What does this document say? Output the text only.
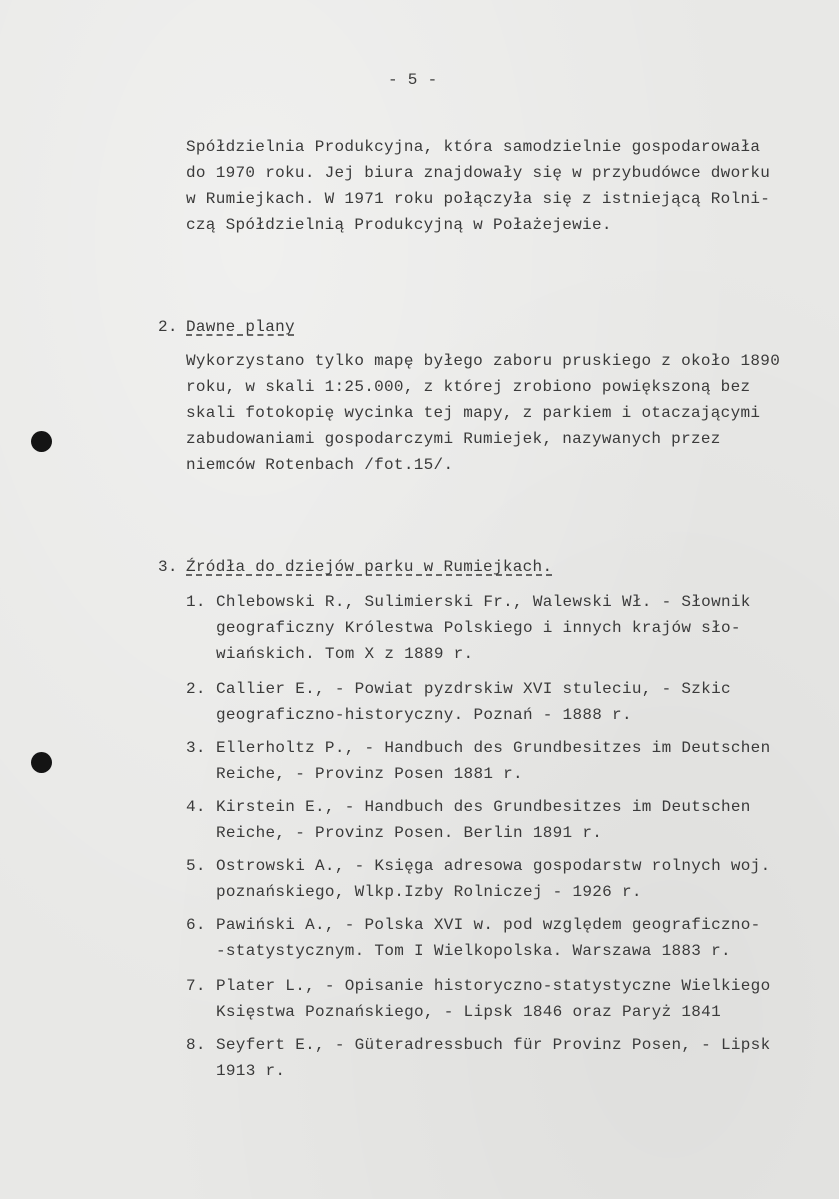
- 5 -
Spółdzielnia Produkcyjna, która samodzielnie gospodarowała
do 1970 roku. Jej biura znajdowały się w przybudówce dworku
w Rumiejkach. W 1971 roku połączyła się z istniejącą Rolni-
czą Spółdzielnią Produkcyjną w Połażejewie.
2. Dawne plany
Wykorzystano tylko mapę byłego zaboru pruskiego z około 1890
roku, w skali 1:25.000, z której zrobiono powiększoną bez
skali fotokopię wycinka tej mapy, z parkiem i otaczającymi
zabudowaniami gospodarczymi Rumiejek, nazywanych przez
niemców Rotenbach /fot.15/.
3. Źródła do dziejów parku w Rumiejkach.
1. Chlebowski R., Sulimierski Fr., Walewski Wł. - Słownik
geograficzny Królestwa Polskiego i innych krajów sło-
wiańskich. Tom X z 1889 r.
2. Callier E., - Powiat pyzdrskiw XVI stuleciu, - Szkic
geograficzno-historyczny. Poznań - 1888 r.
3. Ellerholtz P., - Handbuch des Grundbesitzes im Deutschen
Reiche, - Provinz Posen 1881 r.
4. Kirstein E., - Handbuch des Grundbesitzes im Deutschen
Reiche, - Provinz Posen. Berlin 1891 r.
5. Ostrowski A., - Księga adresowa gospodarstw rolnych woj.
poznańskiego, Wlkp.Izby Rolniczej - 1926 r.
6. Pawiński A., - Polska XVI w. pod względem geograficzno-
-statystycznym. Tom I Wielkopolska. Warszawa 1883 r.
7. Plater L., - Opisanie historyczno-statystyczne Wielkiego
Księstwa Poznańskiego, - Lipsk 1846 oraz Paryż 1841
8. Seyfert E., - Güteradressbuch für Provinz Posen, - Lipsk
1913 r.
